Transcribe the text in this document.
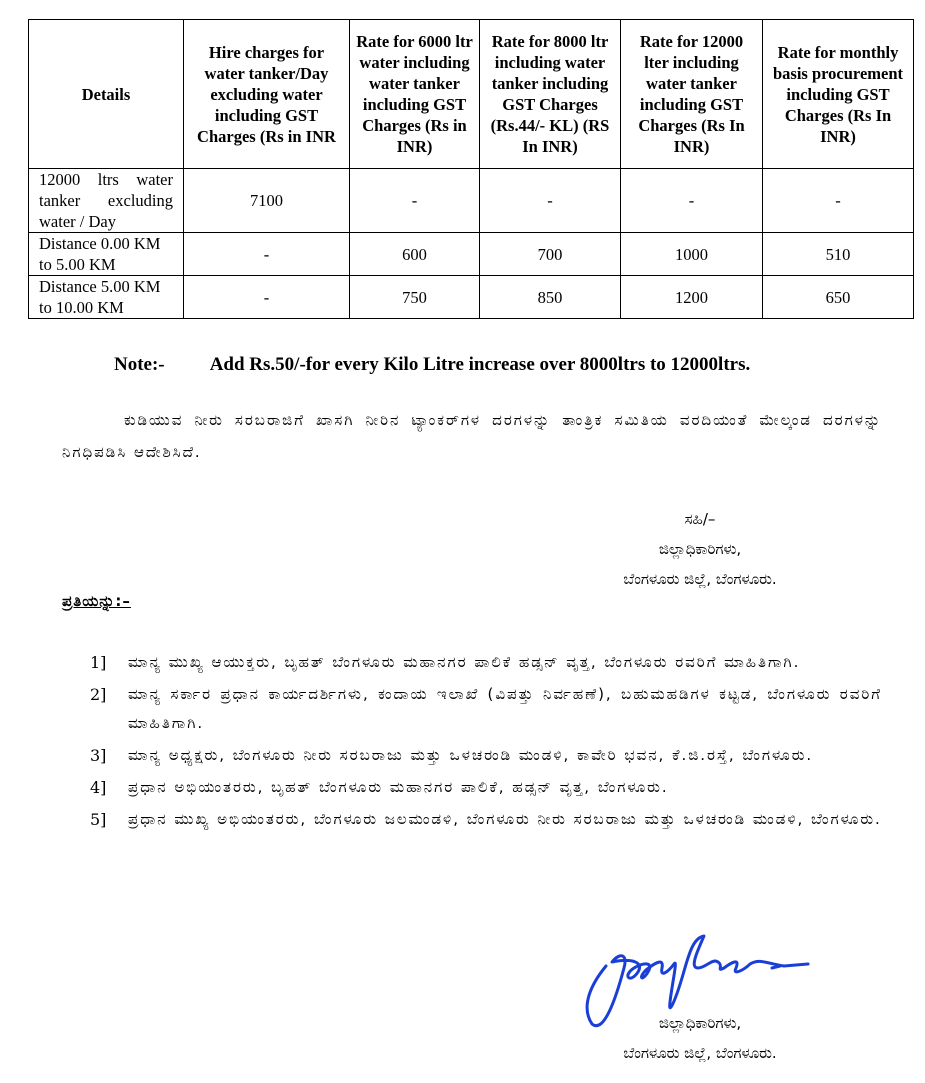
Details	Hire charges for water tanker/Day excluding water including GST Charges (Rs in INR	Rate for 6000 ltr water including water tanker including GST Charges (Rs in INR)	Rate for 8000 ltr including water tanker including GST Charges (Rs.44/- KL) (RS In INR)	Rate for 12000 lter including water tanker including GST Charges (Rs In INR)	Rate for monthly basis procurement including GST Charges (Rs In INR)
12000 ltrs water tanker excluding water / Day	7100	-	-	-	-
Distance 0.00 KM to 5.00 KM	-	600	700	1000	510
Distance 5.00 KM to 10.00 KM	-	750	850	1200	650
Note:- Add Rs.50/-for every Kilo Litre increase over 8000ltrs to 12000ltrs.

ಕುಡಿಯುವ ನೀರು ಸರಬರಾಜಿಗೆ ಖಾಸಗಿ ನೀರಿನ ಟ್ಯಾಂಕರ್‌ಗಳ ದರಗಳನ್ನು ತಾಂತ್ರಿಕ ಸಮಿತಿಯ ವರದಿಯಂತೆ ಮೇಲ್ಕಂಡ ದರಗಳನ್ನು ನಿಗಧಿಪಡಿಸಿ ಆದೇಶಿಸಿದೆ.

ಸಹಿ/–
ಜಿಲ್ಲಾಧಿಕಾರಿಗಳು,
ಬೆಂಗಳೂರು ಜಿಲ್ಲೆ, ಬೆಂಗಳೂರು.
ಪ್ರತಿಯನ್ನು:–
1] ಮಾನ್ಯ ಮುಖ್ಯ ಆಯುಕ್ತರು, ಬೃಹತ್ ಬೆಂಗಳೂರು ಮಹಾನಗರ ಪಾಲಿಕೆ ಹಡ್ಸನ್ ವೃತ್ತ, ಬೆಂಗಳೂರು ರವರಿಗೆ ಮಾಹಿತಿಗಾಗಿ.
2] ಮಾನ್ಯ ಸರ್ಕಾರ ಪ್ರಧಾನ ಕಾರ್ಯದರ್ಶಿಗಳು, ಕಂದಾಯ ಇಲಾಖೆ (ವಿಪತ್ತು ನಿರ್ವಹಣೆ), ಬಹುಮಹಡಿಗಳ ಕಟ್ಟಡ, ಬೆಂಗಳೂರು ರವರಿಗೆ ಮಾಹಿತಿಗಾಗಿ.
3] ಮಾನ್ಯ ಅಧ್ಯಕ್ಷರು, ಬೆಂಗಳೂರು ನೀರು ಸರಬರಾಜು ಮತ್ತು ಒಳಚರಂಡಿ ಮಂಡಳಿ, ಕಾವೇರಿ ಭವನ, ಕೆ.ಜಿ.ರಸ್ತೆ, ಬೆಂಗಳೂರು.
4] ಪ್ರಧಾನ ಅಭಿಯಂತರರು, ಬೃಹತ್ ಬೆಂಗಳೂರು ಮಹಾನಗರ ಪಾಲಿಕೆ, ಹಡ್ಸನ್ ವೃತ್ತ, ಬೆಂಗಳೂರು.
5] ಪ್ರಧಾನ ಮುಖ್ಯ ಅಭಿಯಂತರರು, ಬೆಂಗಳೂರು ಜಲಮಂಡಳಿ, ಬೆಂಗಳೂರು ನೀರು ಸರಬರಾಜು ಮತ್ತು ಒಳಚರಂಡಿ ಮಂಡಳಿ, ಬೆಂಗಳೂರು.
ಜಿಲ್ಲಾಧಿಕಾರಿಗಳು,
ಬೆಂಗಳೂರು ಜಿಲ್ಲೆ, ಬೆಂಗಳೂರು.
